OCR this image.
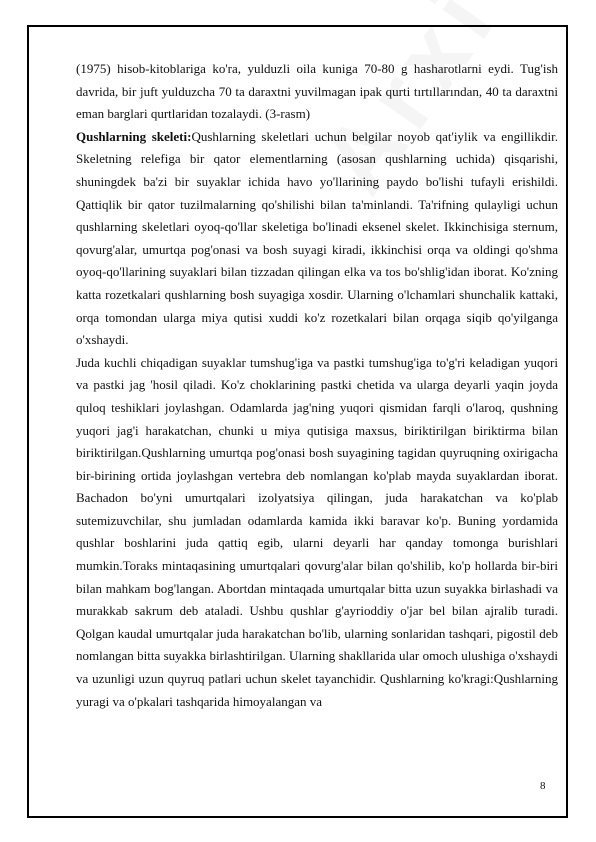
(1975) hisob-kitoblariga ko'ra, yulduzli oila kuniga 70-80 g hasharotlarni eydi. Tug'ish davrida, bir juft yulduzcha 70 ta daraxtni yuvilmagan ipak qurti tırtıllarından, 40 ta daraxtni eman barglari qurtlaridan tozalaydi. (3-rasm)

Qushlarning skeleti:Qushlarning skeletlari uchun belgilar noyob qat'iylik va engillikdir. Skeletning relefiga bir qator elementlarning (asosan qushlarning uchida) qisqarishi, shuningdek ba'zi bir suyaklar ichida havo yo'llarining paydo bo'lishi tufayli erishildi. Qattiqlik bir qator tuzilmalarning qo'shilishi bilan ta'minlandi. Ta'rifning qulayligi uchun qushlarning skeletlari oyoq-qo'llar skeletiga bo'linadi eksenel skelet. Ikkinchisiga sternum, qovurg'alar, umurtqa pog'onasi va bosh suyagi kiradi, ikkinchisi orqa va oldingi qo'shma oyoq-qo'llarining suyaklari bilan tizzadan qilingan elka va tos bo'shlig'idan iborat. Ko'zning katta rozetkalari qushlarning bosh suyagiga xosdir. Ularning o'lchamlari shunchalik kattaki, orqa tomondan ularga miya qutisi xuddi ko'z rozetkalari bilan orqaga siqib qo'yilganga o'xshaydi.

Juda kuchli chiqadigan suyaklar tumshug'iga va pastki tumshug'iga to'g'ri keladigan yuqori va pastki jag 'hosil qiladi. Ko'z choklarining pastki chetida va ularga deyarli yaqin joyda quloq teshiklari joylashgan. Odamlarda jag'ning yuqori qismidan farqli o'laroq, qushning yuqori jag'i harakatchan, chunki u miya qutisiga maxsus, biriktirilgan biriktirma bilan biriktirilgan.Qushlarning umurtqa pog'onasi bosh suyagining tagidan quyruqning oxirigacha bir-birining ortida joylashgan vertebra deb nomlangan ko'plab mayda suyaklardan iborat. Bachadon bo'yni umurtqalari izolyatsiya qilingan, juda harakatchan va ko'plab sutemizuvchilar, shu jumladan odamlarda kamida ikki baravar ko'p. Buning yordamida qushlar boshlarini juda qattiq egib, ularni deyarli har qanday tomonga burishlari mumkin.Toraks mintaqasining umurtqalari qovurg'alar bilan qo'shilib, ko'p hollarda bir-biri bilan mahkam bog'langan. Abortdan mintaqada umurtqalar bitta uzun suyakka birlashadi va murakkab sakrum deb ataladi. Ushbu qushlar g'ayrioddiy o'jar bel bilan ajralib turadi. Qolgan kaudal umurtqalar juda harakatchan bo'lib, ularning sonlaridan tashqari, pigostil deb nomlangan bitta suyakka birlashtirilgan. Ularning shakllarida ular omoch ulushiga o'xshaydi va uzunligi uzun quyruq patlari uchun skelet tayanchidir. Qushlarning ko'kragi:Qushlarning yuragi va o'pkalari tashqarida himoyalangan va

8
